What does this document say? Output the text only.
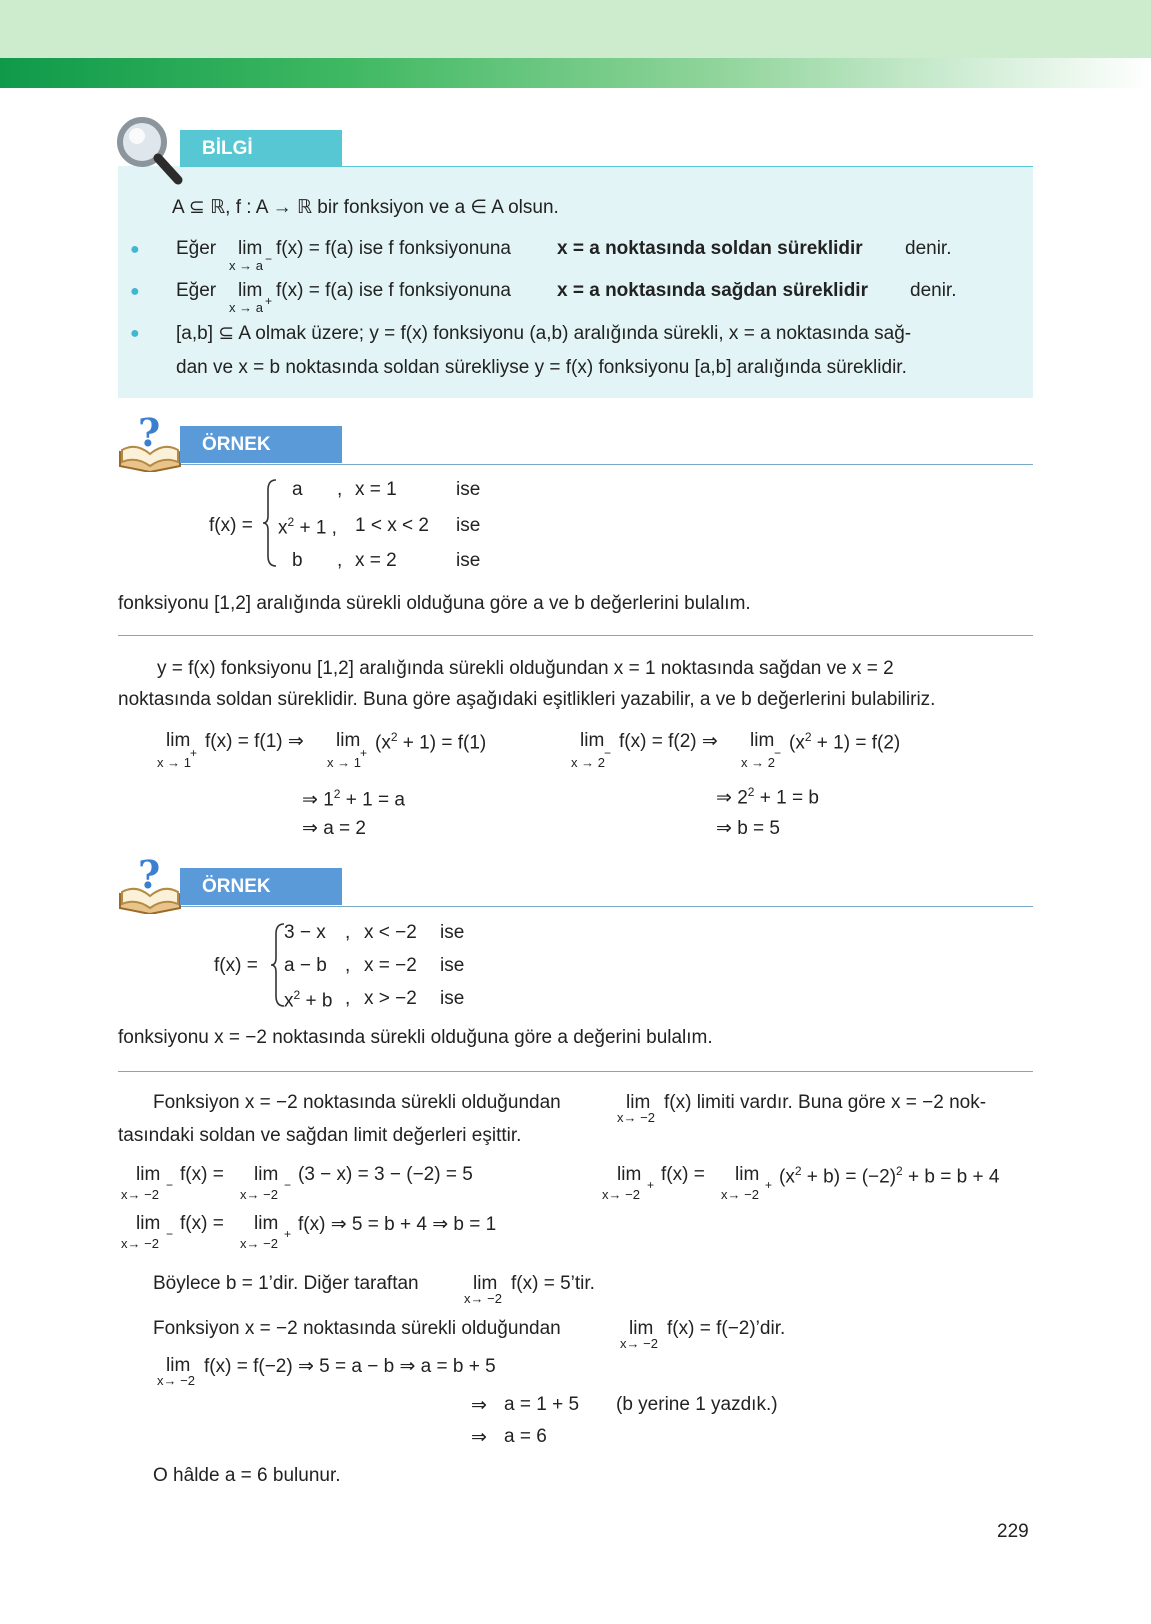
BİLGİ
A ⊆ ℝ, f : A → ℝ bir fonksiyon ve a ∈ A olsun.
● Eğer lim
x → a − f(x) = f(a) ise f fonksiyonuna x = a noktasında soldan süreklidir denir.
● Eğer lim
x → a + f(x) = f(a) ise f fonksiyonuna x = a noktasında sağdan süreklidir denir.
● [a,b] ⊆ A olmak üzere; y = f(x) fonksiyonu (a,b) aralığında sürekli, x = a noktasında sağ-
dan ve x = b noktasında soldan sürekliyse y = f(x) fonksiyonu [a,b] aralığında süreklidir.
?	ÖRNEK
f(x) =
a , x = 1	ise
$x^2 + 1$ , 1 < x < 2 ise
b , x = 2	ise
fonksiyonu [1,2] aralığında sürekli olduğuna göre a ve b değerlerini bulalım.
y = f(x) fonksiyonu [1,2] aralığında sürekli olduğundan x = 1 noktasında sağdan ve x = 2
noktasında soldan süreklidir. Buna göre aşağıdaki eşitlikleri yazabilir, a ve b değerlerini bulabiliriz.
lim
x → 1
+
f(x) = f(1) ⇒ lim
x → 1
+ $(x^2 + 1) = f(1)$
⇒ $1^2 + 1 = a$
⇒ a = 2
lim
x → 2
−
f(x) = f(2) ⇒ lim
x → 2
− $(x^2 + 1) = f(2)$
⇒ $2^2 + 1 = b$
⇒ b = 5
?	ÖRNEK
f(x) =
3 − x , x < −2 ise
a − b , x = −2 ise
$x^2 + b$ , x > −2 ise
fonksiyonu x = −2 noktasında sürekli olduğuna göre a değerini bulalım.
Fonksiyon x = −2 noktasında sürekli olduğundan	lim
x→ −2
f(x) limiti vardır. Buna göre x = −2 nok-
tasındaki soldan ve sağdan limit değerleri eşittir.
lim
x→ −2
− f(x) = lim
x→ −2
− (3 − x) = 3 − (−2) = 5	lim
x→ −2
+ f(x) = lim
x→ −2
+ $(x^2 + b) = (-2)^2 + b = b + 4$
lim
x→ −2
− f(x) = lim
x→ −2
+ f(x) ⇒ 5 = b + 4 ⇒ b = 1
Böylece b = 1’dir. Diğer taraftan	lim
x→ −2
f(x) = 5’tir.
Fonksiyon x = −2 noktasında sürekli olduğundan	lim
x→ −2
f(x) = f(−2)’dir.
lim
x→ −2
f(x) = f(−2) ⇒ 5 = a − b ⇒ a = b + 5
⇒ a = 1 + 5 (b yerine 1 yazdık.)
⇒ a = 6
O hâlde a = 6 bulunur.
229
